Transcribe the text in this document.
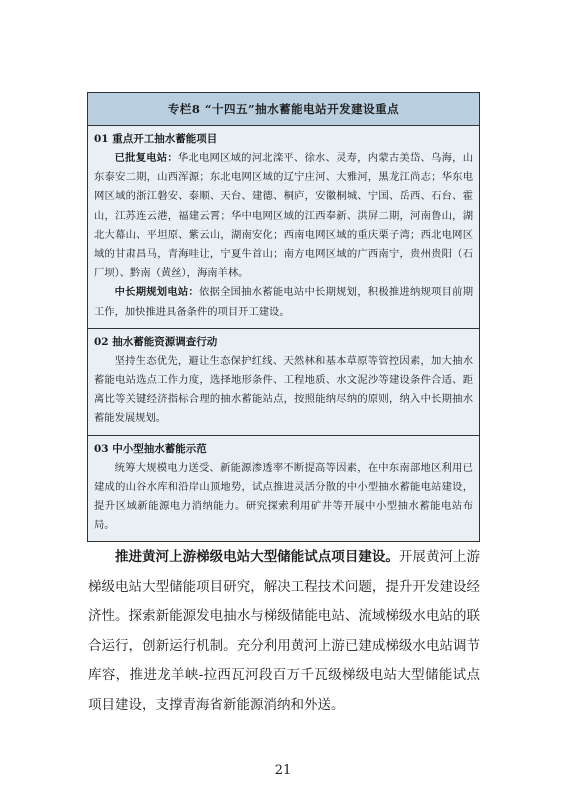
专栏8 “十四五”抽水蓄能电站开发建设重点
01 重点开工抽水蓄能项目
已批复电站：华北电网区域的河北滦平、徐水、灵寿，内蒙古美岱、乌海，山东泰安二期，山西浑源；东北电网区域的辽宁庄河、大雅河，黑龙江尚志；华东电网区域的浙江磐安、泰顺、天台、建德、桐庐，安徽桐城、宁国、岳西、石台、霍山，江苏连云港，福建云霄；华中电网区域的江西奉新、洪屏二期，河南鲁山，湖北大幕山、平坦原、紫云山，湖南安化；西南电网区域的重庆栗子湾；西北电网区域的甘肃昌马，青海哇让，宁夏牛首山；南方电网区域的广西南宁，贵州贵阳（石厂坝）、黔南（黄丝），海南羊林。
中长期规划电站：依据全国抽水蓄能电站中长期规划，积极推进纳规项目前期工作，加快推进具备条件的项目开工建设。
02 抽水蓄能资源调查行动
坚持生态优先，避让生态保护红线、天然林和基本草原等管控因素，加大抽水蓄能电站选点工作力度，选择地形条件、工程地质、水文泥沙等建设条件合适、距离比等关键经济指标合理的抽水蓄能站点，按照能纳尽纳的原则，纳入中长期抽水蓄能发展规划。
03 中小型抽水蓄能示范
统筹大规模电力送受、新能源渗透率不断提高等因素，在中东南部地区利用已建成的山谷水库和沿岸山顶地势，试点推进灵活分散的中小型抽水蓄能电站建设，提升区域新能源电力消纳能力。研究探索利用矿井等开展中小型抽水蓄能电站布局。
推进黄河上游梯级电站大型储能试点项目建设。开展黄河上游梯级电站大型储能项目研究，解决工程技术问题，提升开发建设经济性。探索新能源发电抽水与梯级储能电站、流域梯级水电站的联合运行，创新运行机制。充分利用黄河上游已建成梯级水电站调节库容，推进龙羊峡-拉西瓦河段百万千瓦级梯级电站大型储能试点项目建设，支撑青海省新能源消纳和外送。
21
